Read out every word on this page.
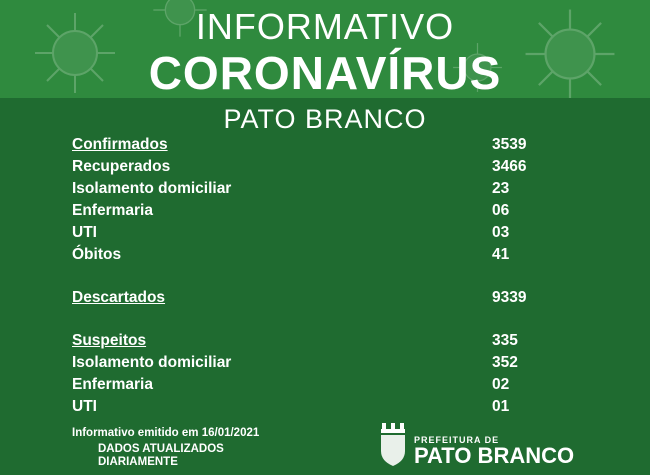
INFORMATIVO
CORONAVÍRUS
PATO BRANCO
Confirmados	3539
Recuperados	3466
Isolamento domiciliar	23
Enfermaria	06
UTI	03
Óbitos	41
Descartados	9339
Suspeitos	335
Isolamento domiciliar	352
Enfermaria	02
UTI	01
Informativo emitido em 16/01/2021
DADOS ATUALIZADOS
DIARIAMENTE
PREFEITURA DE
PATO BRANCO
